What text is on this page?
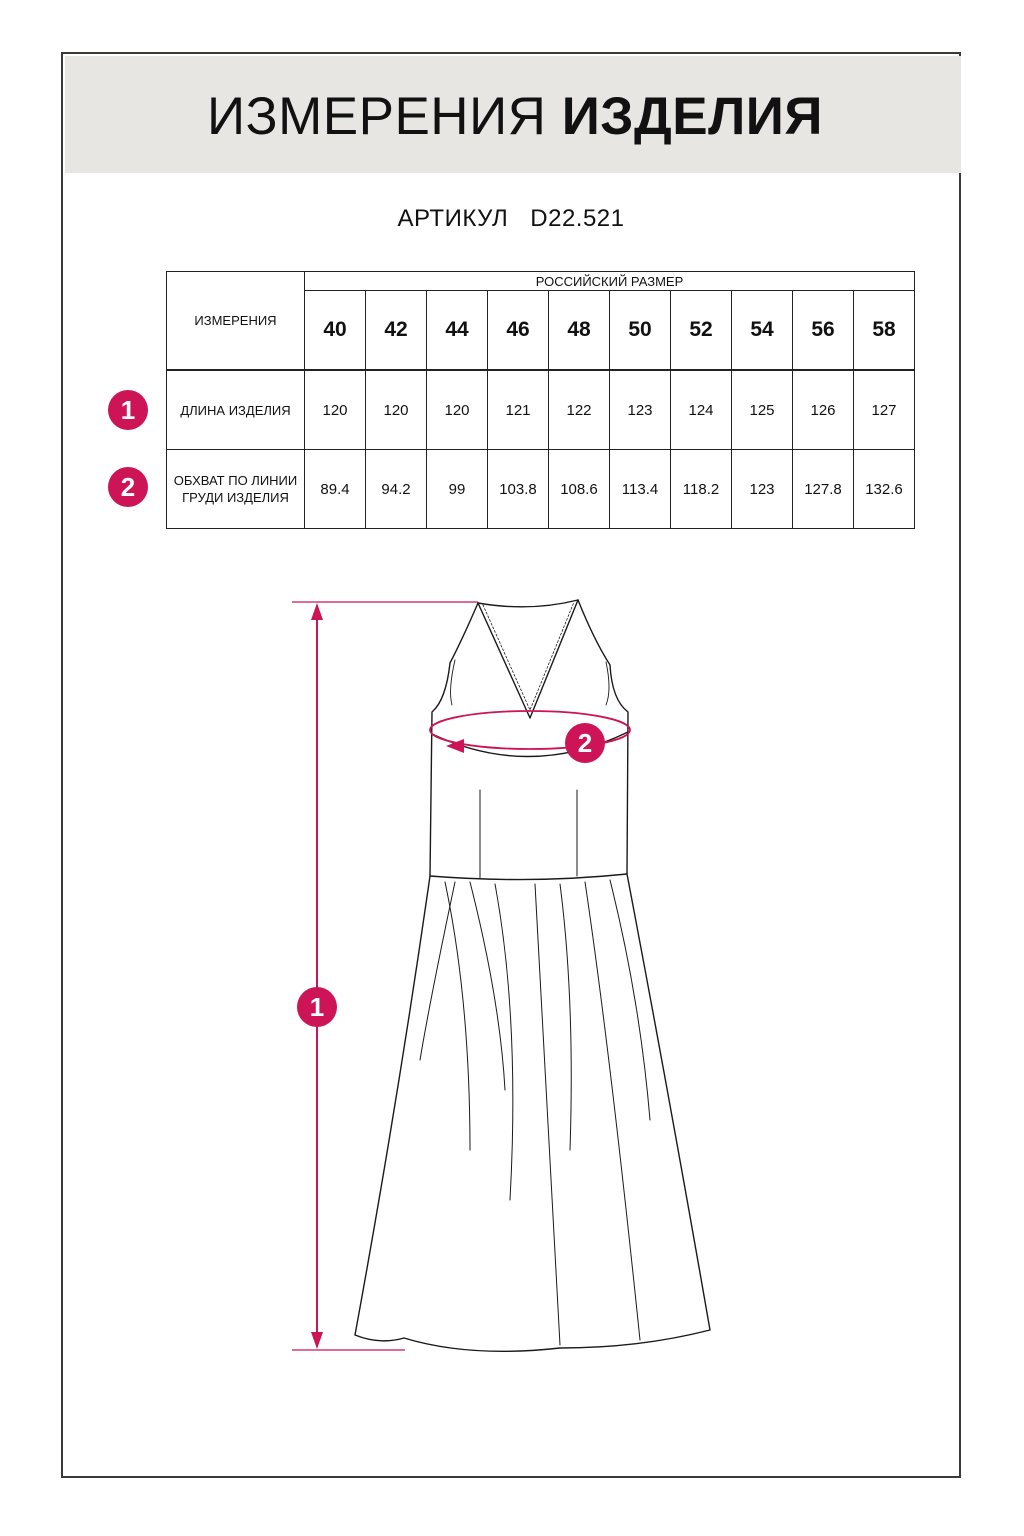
ИЗМЕРЕНИЯ ИЗДЕЛИЯ
АРТИКУЛ D22.521
ИЗМЕРЕНИЯ	РОССИЙСКИЙ РАЗМЕР									
	40	42	44	46	48	50	52	54	56	58
ДЛИНА ИЗДЕЛИЯ	120	120	120	121	122	123	124	125	126	127
ОБХВАТ ПО ЛИНИИ ГРУДИ ИЗДЕЛИЯ	89.4	94.2	99	103.8	108.6	113.4	118.2	123	127.8	132.6
1
2
1
2
